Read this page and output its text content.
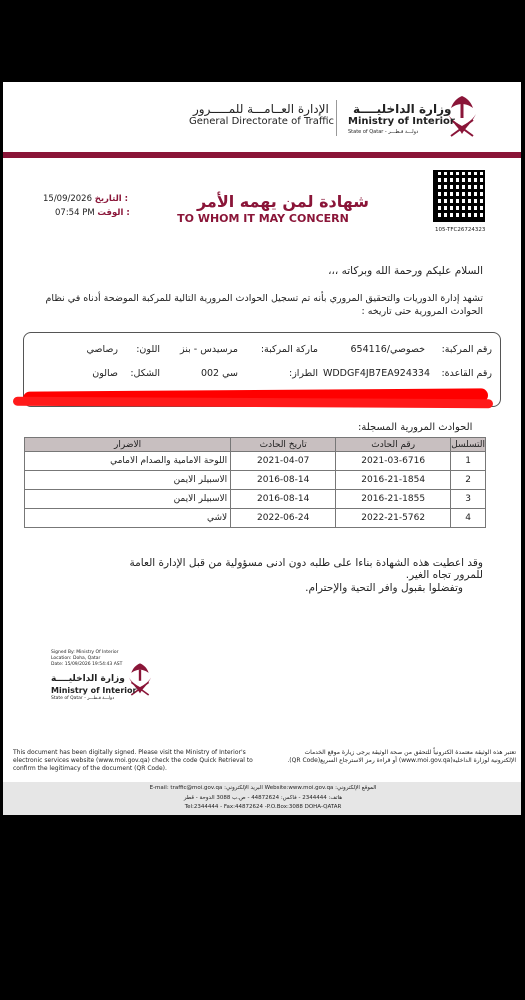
وزارة الداخليــــة
Ministry of Interior
State of Qatar - دولـــة قـطـــر
الإدارة العــامـــة للمـــــرور
General Directorate of Traffic
15/09/2026 التاريخ :
07:54 PM الوقت :
شهادة لمن يهمه الأمر
TO WHOM IT MAY CONCERN
105-TFC26724323
السلام عليكم ورحمة الله وبركاته ،،،
تشهد إدارة الدوريات والتحقيق المروري بأنه تم تسجيل الحوادث المرورية التالية للمركبة الموضحة أدناه في نظام الحوادث المرورية حتى تاريخه :
رقم المركبة:
خصوصي/654116
ماركة المركبة:
مرسيدس - بنز
اللون:
رصاصي
رقم القاعدة:
WDDGF4JB7EA924334
الطراز:
سي 002
الشكل:
صالون
الحوادث المرورية المسجلة:
التسلسل	رقم الحادث	تاريخ الحادث	الاضرار
1	2021-03-6716	2021-04-07	اللوحة الامامية والصدام الامامي
2	2016-21-1854	2016-08-14	الاسبيلر الايمن
3	2016-21-1855	2016-08-14	الاسبيلر الايمن
4	2022-21-5762	2022-06-24	لاشي
وقد اعطيت هذه الشهادة بناءا على طلبه دون ادنى مسؤولية من قبل الإدارة العامة للمرور تجاه الغير.
وتفضلوا بقبول وافر التحية والإحترام.
Signed By: Ministry Of Interior
Location: Doha, Qatar
Date: 15/09/2026 19:54:43 AST
وزارة الداخليــــة
Ministry of Interior
State of Qatar - دولـــة قـطـــر
This document has been digitally signed. Please visit the Ministry of Interior's electronic services website (www.moi.gov.qa) check the code Quick Retrieval to confirm the legitimacy of the document (QR Code).
تعتبر هذه الوثيقة معتمدة الكترونياً للتحقق من صحة الوثيقة يرجى زيارة موقع الخدمات الإلكترونية لوزارة الداخلية(www.moi.gov.qa) أو قراءة رمز الاسترجاع السريع(QR Code).
E-mail: traffic@moi.gov.qa :البريد الإلكتروني Website:www.moi.gov.qa :الموقع الإلكتروني
هاتف: 2344444 - فاكس: 44872624 - ص.ب 3088 الدوحة - قطر
Tel:2344444 - Fax:44872624 -P.O.Box:3088 DOHA-QATAR
